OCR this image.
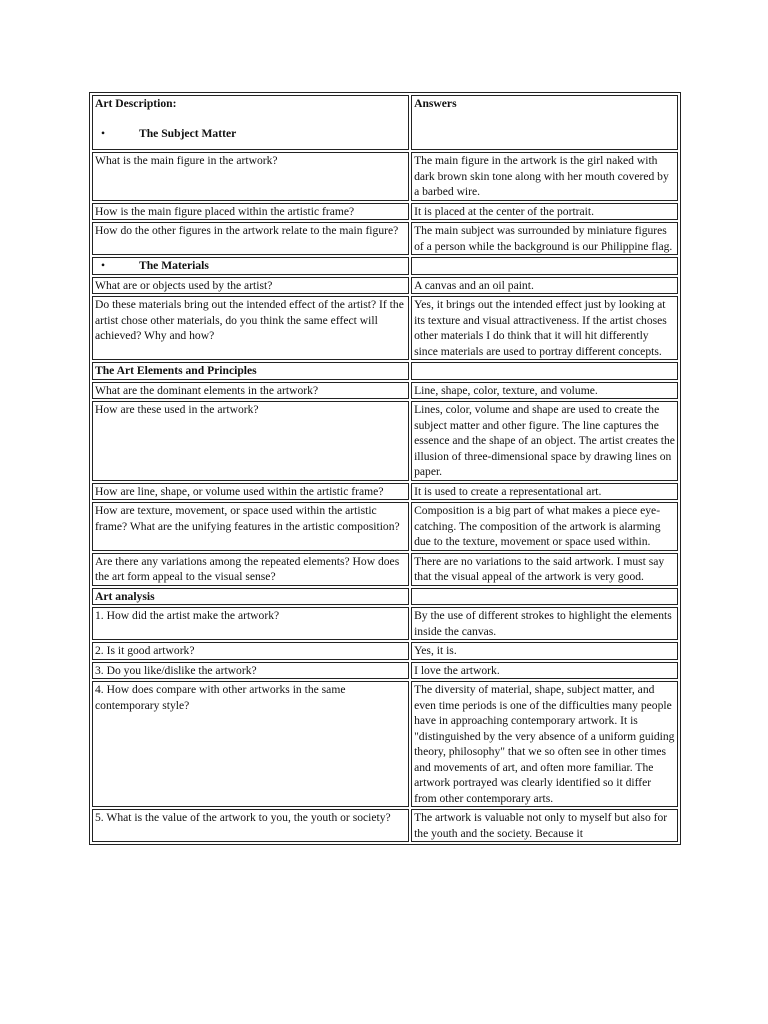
Art Description:
• The Subject Matter	Answers

What is the main figure in the artwork?	The main figure in the artwork is the girl naked with dark brown skin tone along with her mouth covered by a barbed wire.
How is the main figure placed within the artistic frame?	It is placed at the center of the portrait.
How do the other figures in the artwork relate to the main figure?	The main subject was surrounded by miniature figures of a person while the background is our Philippine flag.
• The Materials	
What are or objects used by the artist?	A canvas and an oil paint.
Do these materials bring out the intended effect of the artist? If the artist chose other materials, do you think the same effect will achieved? Why and how?	Yes, it brings out the intended effect just by looking at its texture and visual attractiveness. If the artist choses other materials I do think that it will hit differently since materials are used to portray different concepts.
The Art Elements and Principles	
What are the dominant elements in the artwork?	Line, shape, color, texture, and volume.
How are these used in the artwork?	Lines, color, volume and shape are used to create the subject matter and other figure. The line captures the essence and the shape of an object. The artist creates the illusion of three-dimensional space by drawing lines on paper.
How are line, shape, or volume used within the artistic frame?	It is used to create a representational art.
How are texture, movement, or space used within the artistic frame? What are the unifying features in the artistic composition?	Composition is a big part of what makes a piece eye-catching. The composition of the artwork is alarming due to the texture, movement or space used within.
Are there any variations among the repeated elements? How does the art form appeal to the visual sense?	There are no variations to the said artwork. I must say that the visual appeal of the artwork is very good.
Art analysis	
1. How did the artist make the artwork?	By the use of different strokes to highlight the elements inside the canvas.
2. Is it good artwork?	Yes, it is.
3. Do you like/dislike the artwork?	I love the artwork.
4. How does compare with other artworks in the same contemporary style?	The diversity of material, shape, subject matter, and even time periods is one of the difficulties many people have in approaching contemporary artwork. It is "distinguished by the very absence of a uniform guiding theory, philosophy" that we so often see in other times and movements of art, and often more familiar. The artwork portrayed was clearly identified so it differ from other contemporary arts.
5. What is the value of the artwork to you, the youth or society?	The artwork is valuable not only to myself but also for the youth and the society. Because it
